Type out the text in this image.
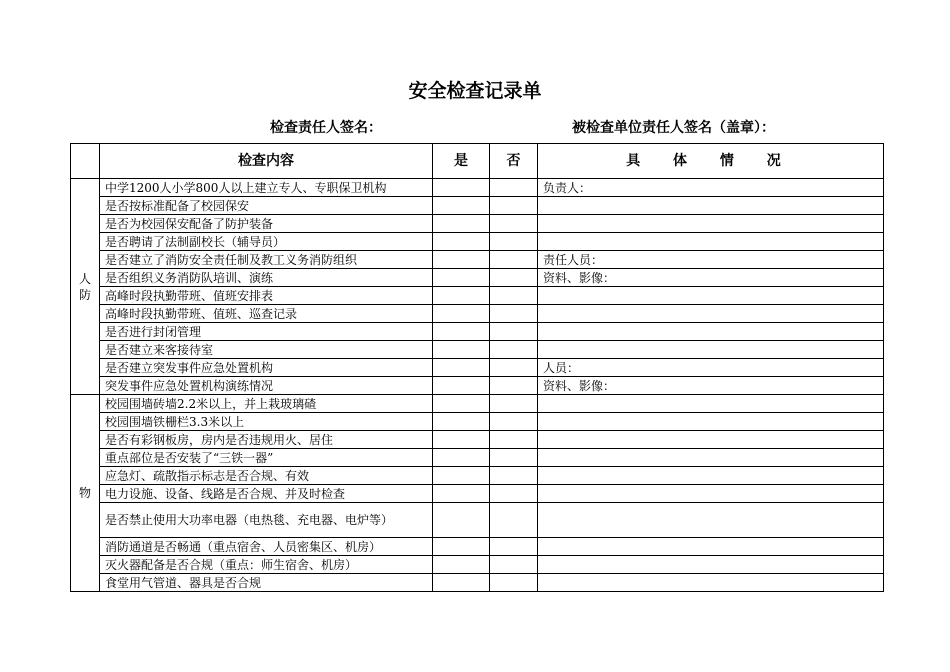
安全检查记录单
检查责任人签名：	被检查单位责任人签名（盖章）：
	检查内容	是	否	具 体 情 况

人防	中学1200人小学800人以上建立专人、专职保卫机构			负责人：
	是否按标准配备了校园保安			
	是否为校园保安配备了防护装备			
	是否聘请了法制副校长（辅导员）			
	是否建立了消防安全责任制及教工义务消防组织			责任人员：
	是否组织义务消防队培训、演练			资料、影像：
	高峰时段执勤带班、值班安排表			
	高峰时段执勤带班、值班、巡查记录			
	是否进行封闭管理			
	是否建立来客接待室			
	是否建立突发事件应急处置机构			人员：
	突发事件应急处置机构演练情况			资料、影像：

物	校园围墙砖墙2.2米以上，并上栽玻璃碴			
	校园围墙铁栅栏3.3米以上			
	是否有彩钢板房，房内是否违规用火、居住			
	重点部位是否安装了“三铁一器”			
	应急灯、疏散指示标志是否合规、有效			
	电力设施、设备、线路是否合规、并及时检查			
	是否禁止使用大功率电器（电热毯、充电器、电炉等）			
	消防通道是否畅通（重点宿舍、人员密集区、机房）			
	灭火器配备是否合规（重点：师生宿舍、机房）			
	食堂用气管道、器具是否合规			
